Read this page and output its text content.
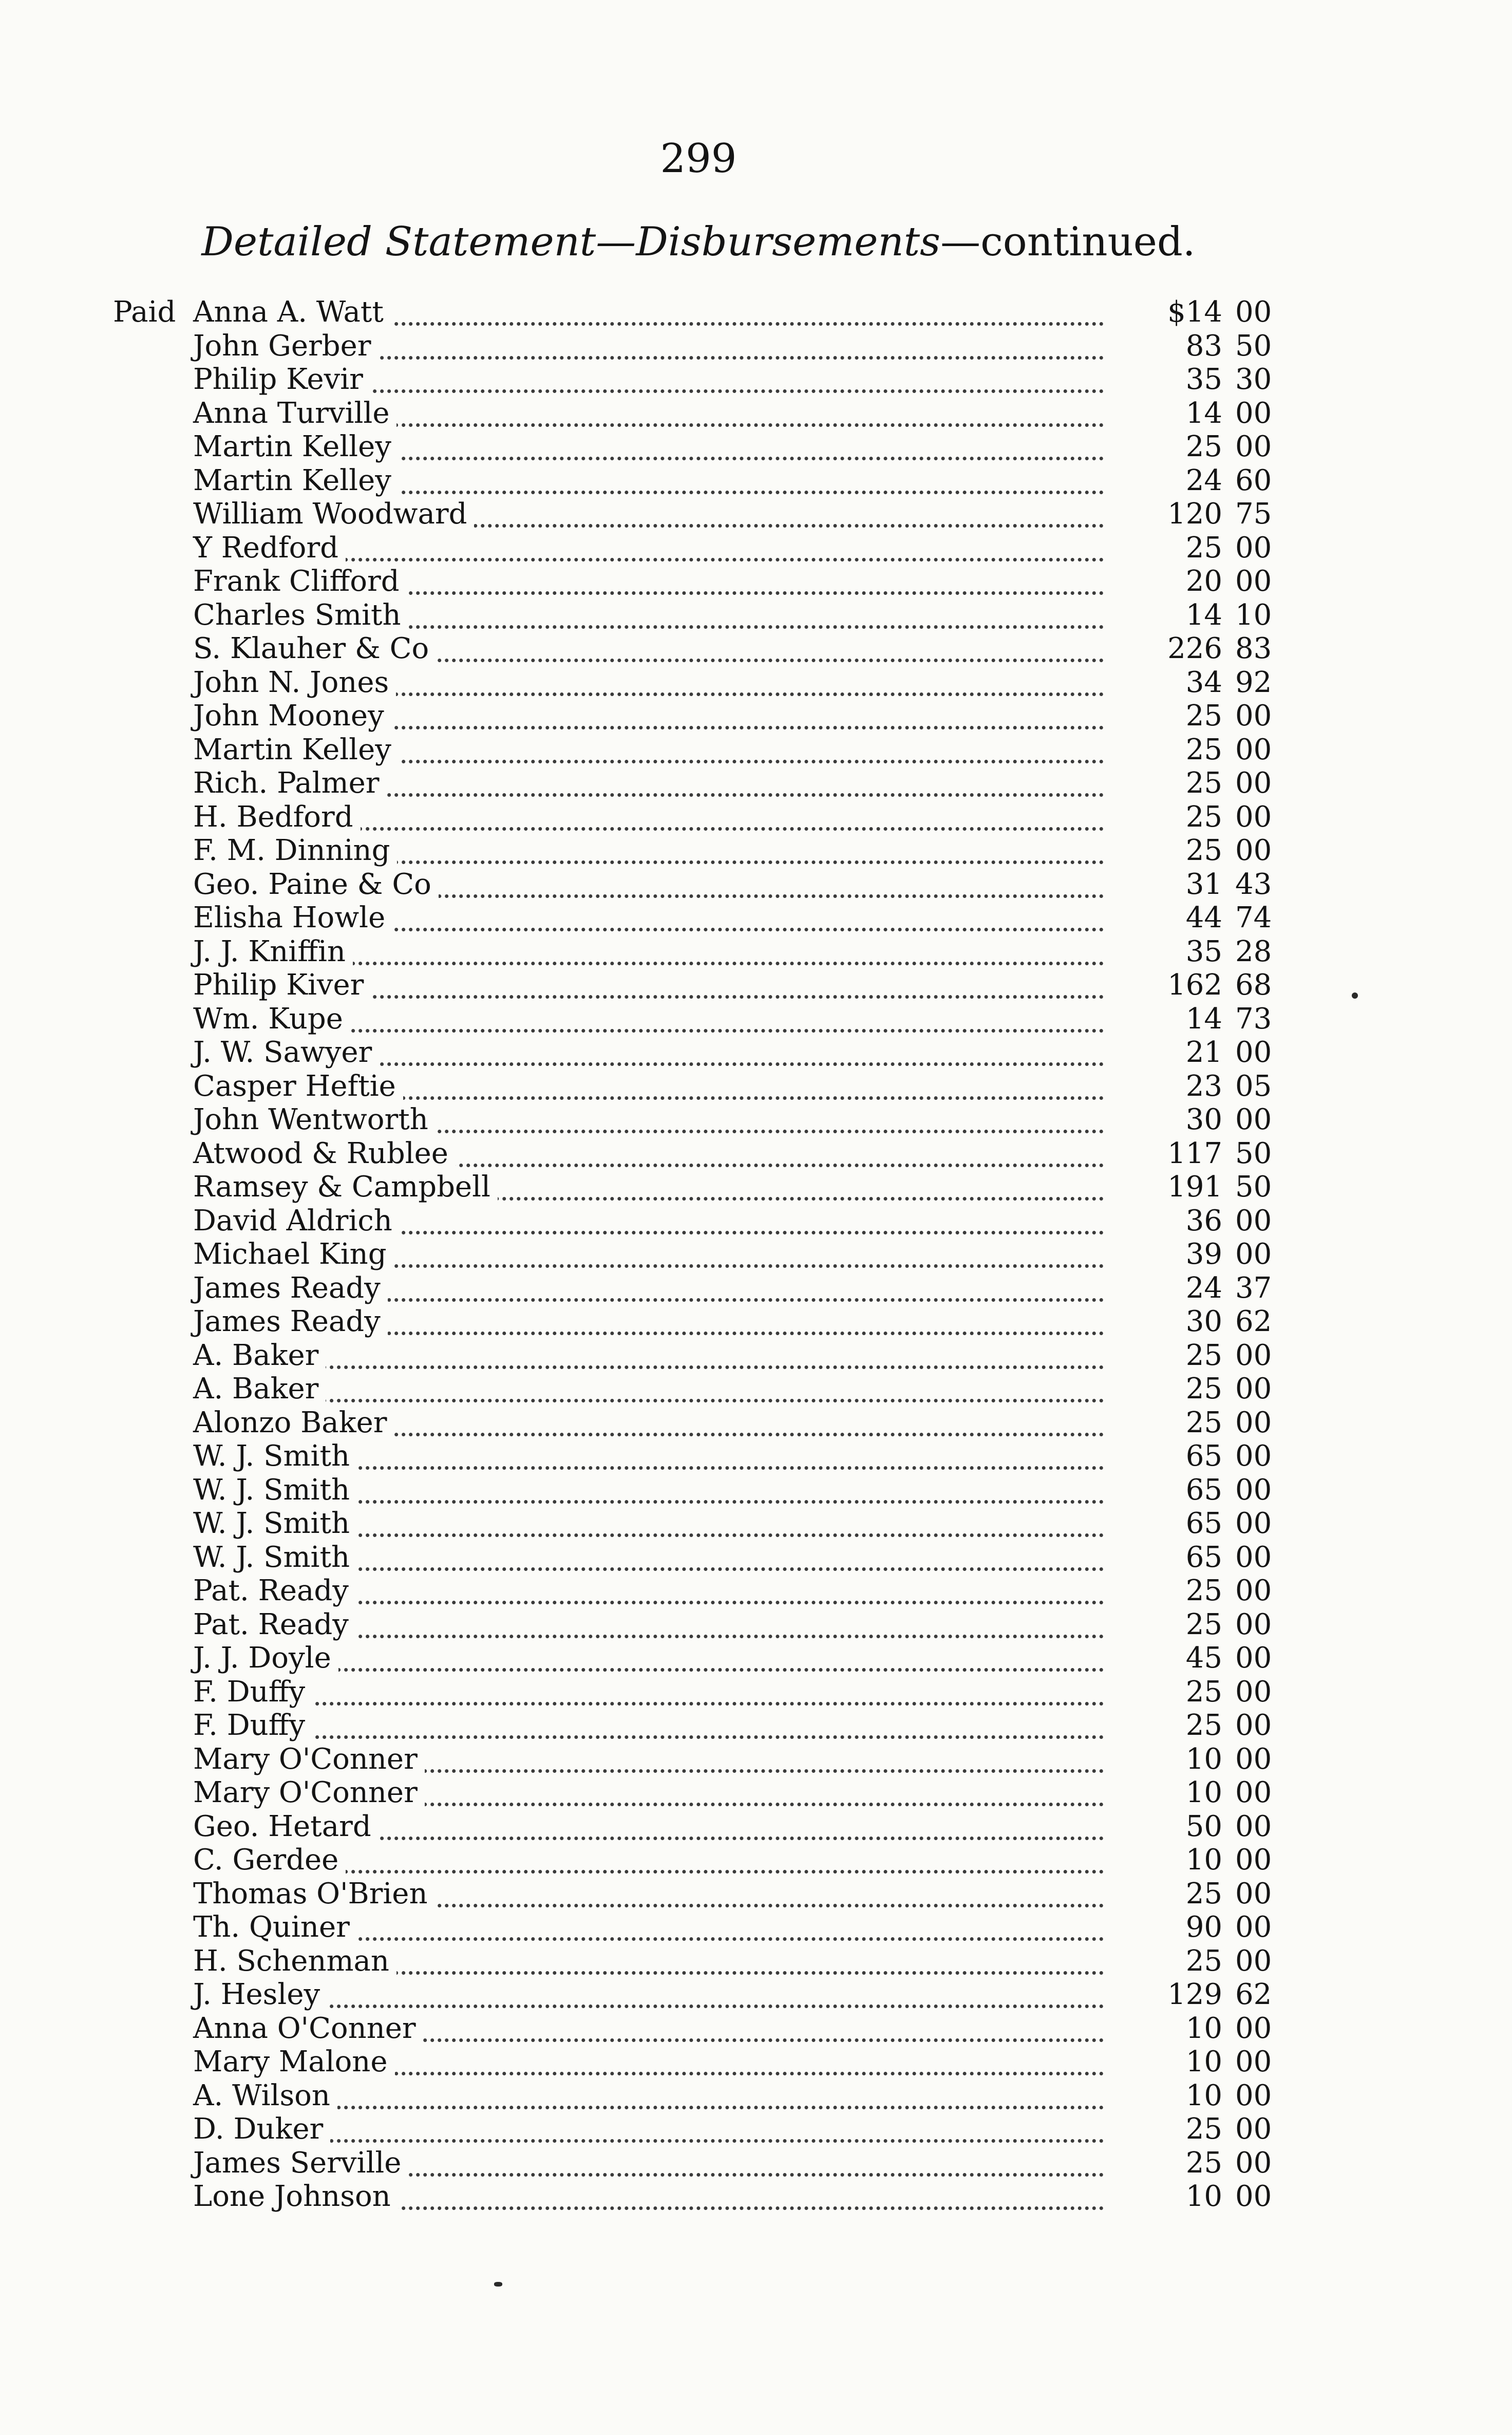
299
Detailed Statement—Disbursements—continued.
Paid Anna A. Watt	$14 00
John Gerber	83 50
Philip Kevir	35 30
Anna Turville	14 00
Martin Kelley	25 00
Martin Kelley	24 60
William Woodward	120 75
Y Redford	25 00
Frank Clifford	20 00
Charles Smith	14 10
S. Klauher & Co	226 83
John N. Jones	34 92
John Mooney	25 00
Martin Kelley	25 00
Rich. Palmer	25 00
H. Bedford	25 00
F. M. Dinning	25 00
Geo. Paine & Co	31 43
Elisha Howle	44 74
J. J. Kniffin	35 28
Philip Kiver	162 68
Wm. Kupe	14 73
J. W. Sawyer	21 00
Casper Heftie	23 05
John Wentworth	30 00
Atwood & Rublee	117 50
Ramsey & Campbell	191 50
David Aldrich	36 00
Michael King	39 00
James Ready	24 37
James Ready	30 62
A. Baker	25 00
A. Baker	25 00
Alonzo Baker	25 00
W. J. Smith	65 00
W. J. Smith	65 00
W. J. Smith	65 00
W. J. Smith	65 00
Pat. Ready	25 00
Pat. Ready	25 00
J. J. Doyle	45 00
F. Duffy	25 00
F. Duffy	25 00
Mary O'Conner	10 00
Mary O'Conner	10 00
Geo. Hetard	50 00
C. Gerdee	10 00
Thomas O'Brien	25 00
Th. Quiner	90 00
H. Schenman	25 00
J. Hesley	129 62
Anna O'Conner	10 00
Mary Malone	10 00
A. Wilson	10 00
D. Duker	25 00
James Serville	25 00
Lone Johnson	10 00
